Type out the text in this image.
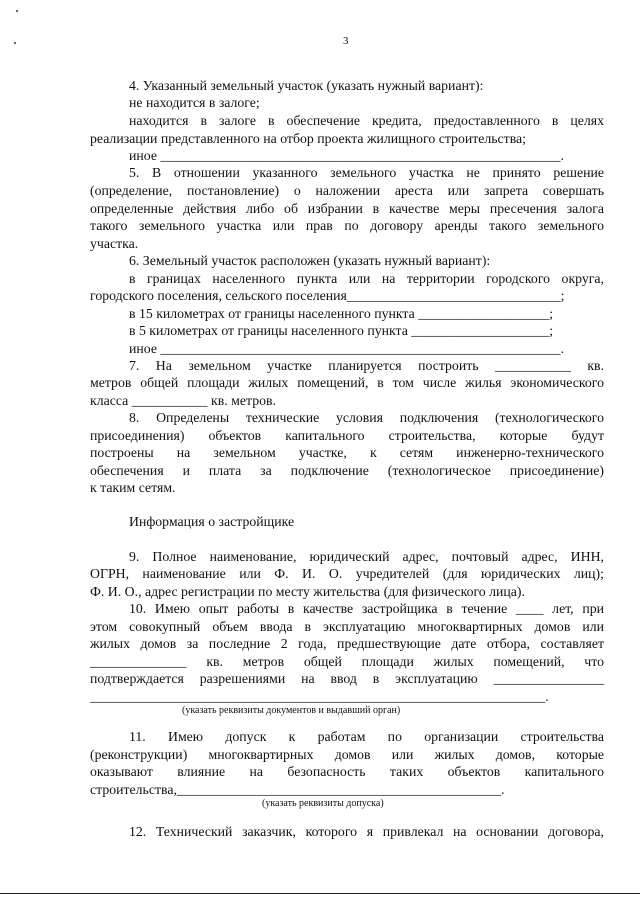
3
4. Указанный земельный участок (указать нужный вариант):
не находится в залоге;
находится в залоге в обеспечение кредита, предоставленного в целях
реализации представленного на отбор проекта жилищного строительства;
иное __________________________________________________________.
5. В отношении указанного земельного участка не принято решение
(определение, постановление) о наложении ареста или запрета совершать
определенные действия либо об избрании в качестве меры пресечения залога
такого земельного участка или прав по договору аренды такого земельного
участка.
6. Земельный участок расположен (указать нужный вариант):
в границах населенного пункта или на территории городского округа,
городского поселения, сельского поселения_______________________________;
в 15 километрах от границы населенного пункта ___________________;
в 5 километрах от границы населенного пункта ____________________;
иное __________________________________________________________.
7. На земельном участке планируется построить ___________ кв.
метров общей площади жилых помещений, в том числе жилья экономического
класса ___________ кв. метров.
8. Определены технические условия подключения (технологического
присоединения) объектов капитального строительства, которые будут
построены на земельном участке, к сетям инженерно-технического
обеспечения и плата за подключение (технологическое присоединение)
к таким сетям.
Информация о застройщике
9. Полное наименование, юридический адрес, почтовый адрес, ИНН,
ОГРН, наименование или Ф. И. О. учредителей (для юридических лиц);
Ф. И. О., адрес регистрации по месту жительства (для физического лица).
10. Имею опыт работы в качестве застройщика в течение ____ лет, при
этом совокупный объем ввода в эксплуатацию многоквартирных домов или
жилых домов за последние 2 года, предшествующие дате отбора, составляет
______________ кв. метров общей площади жилых помещений, что
подтверждается разрешениями на ввод в эксплуатацию ________________
__________________________________________________________________.
(указать реквизиты документов и выдавший орган)
11. Имею допуск к работам по организации строительства
(реконструкции) многоквартирных домов или жилых домов, которые
оказывают влияние на безопасность таких объектов капитального
строительства,_______________________________________________.
(указать реквизиты допуска)
12. Технический заказчик, которого я привлекал на основании договора,
